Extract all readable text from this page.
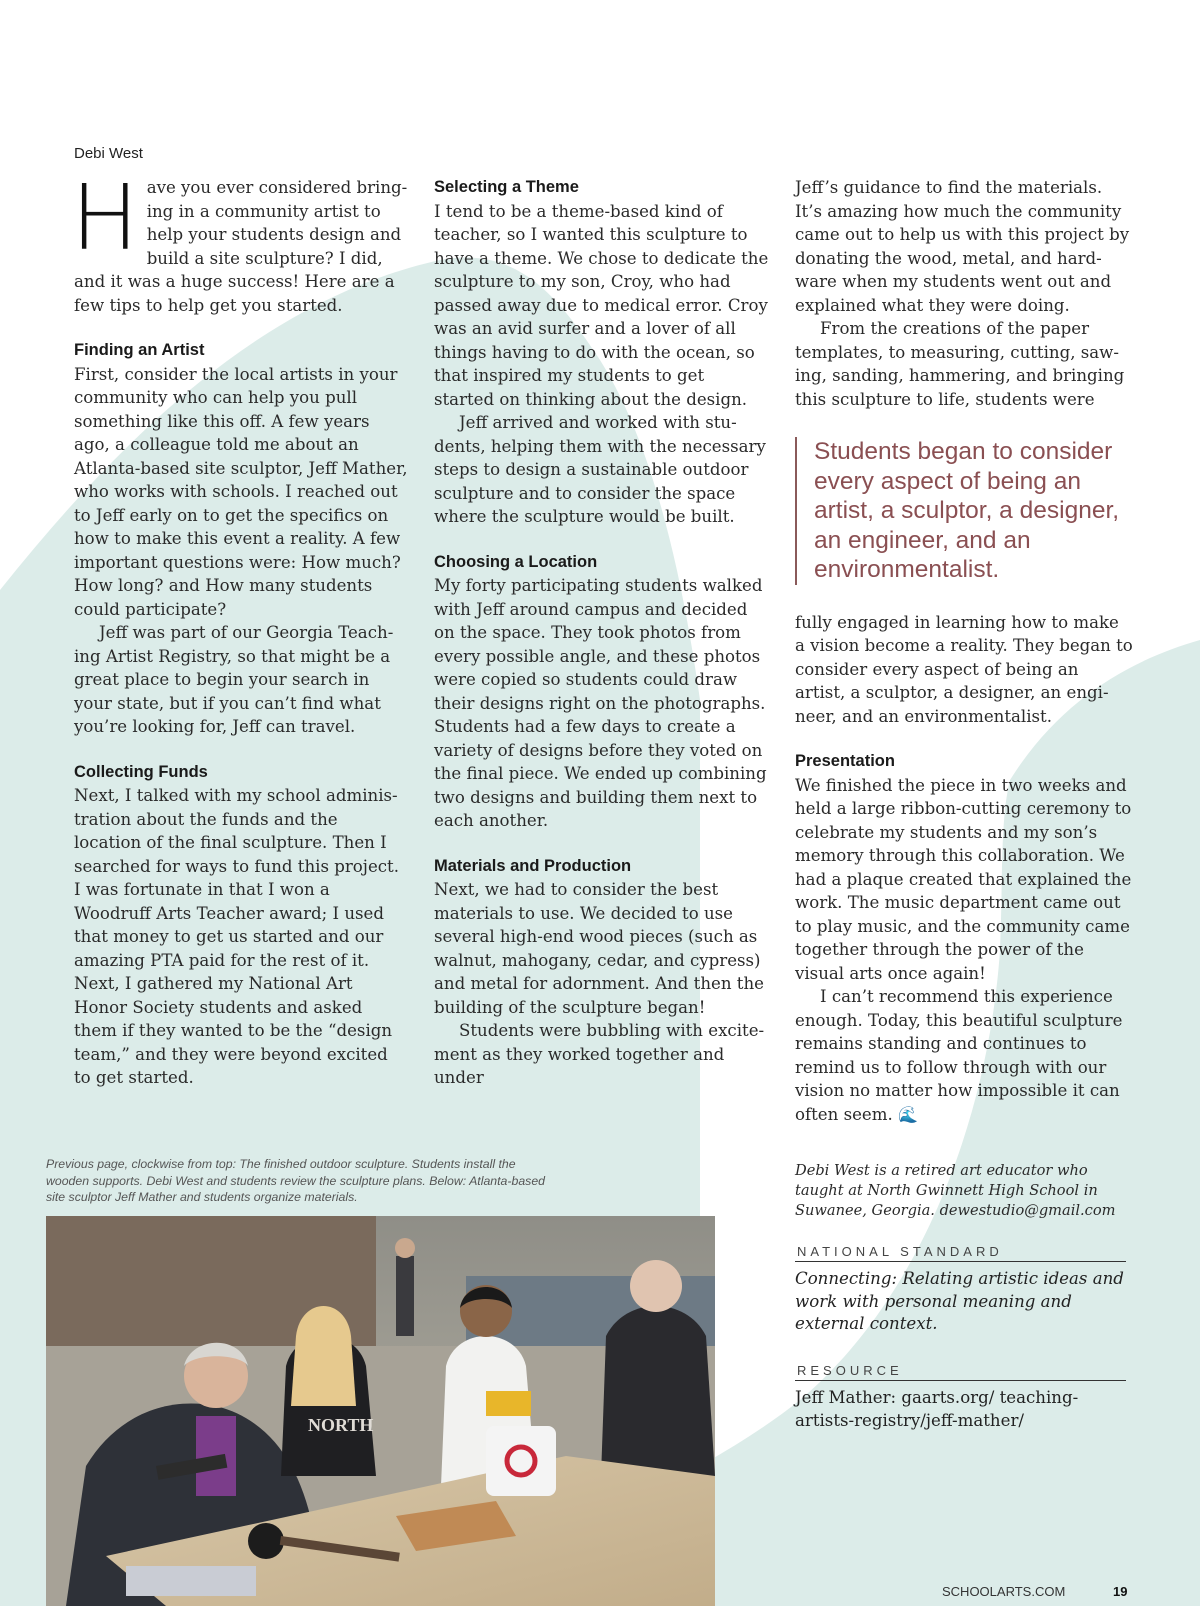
Debi West

Have you ever considered bringing in a community artist to help your students design and build a site sculpture? I did, and it was a huge success! Here are a few tips to help get you started.

Finding an Artist

First, consider the local artists in your community who can help you pull something like this off. A few years ago, a colleague told me about an Atlanta-based site sculptor, Jeff Mather, who works with schools. I reached out to Jeff early on to get the specifics on how to make this event a reality. A few important questions were: How much? How long? and How many students could participate?

Jeff was part of our Georgia Teaching Artist Registry, so that might be a great place to begin your search in your state, but if you can’t find what you’re looking for, Jeff can travel.

Collecting Funds

Next, I talked with my school administration about the funds and the location of the final sculpture. Then I searched for ways to fund this project. I was fortunate in that I won a Woodruff Arts Teacher award; I used that money to get us started and our amazing PTA paid for the rest of it. Next, I gathered my National Art Honor Society students and asked them if they wanted to be the “design team,” and they were beyond excited to get started.

Selecting a Theme

I tend to be a theme-based kind of teacher, so I wanted this sculpture to have a theme. We chose to dedicate the sculpture to my son, Croy, who had passed away due to medical error. Croy was an avid surfer and a lover of all things having to do with the ocean, so that inspired my students to get started on thinking about the design.

Jeff arrived and worked with students, helping them with the necessary steps to design a sustainable outdoor sculpture and to consider the space where the sculpture would be built.

Choosing a Location

My forty participating students walked with Jeff around campus and decided on the space. They took photos from every possible angle, and these photos were copied so students could draw their designs right on the photographs. Students had a few days to create a variety of designs before they voted on the final piece. We ended up combining two designs and building them next to each another.

Materials and Production

Next, we had to consider the best materials to use. We decided to use several high-end wood pieces (such as walnut, mahogany, cedar, and cypress) and metal for adornment. And then the building of the sculpture began!

Students were bubbling with excitement as they worked together and under

Jeff’s guidance to find the materials. It’s amazing how much the community came out to help us with this project by donating the wood, metal, and hardware when my students went out and explained what they were doing.

From the creations of the paper templates, to measuring, cutting, sawing, sanding, hammering, and bringing this sculpture to life, students were

Students began to consider every aspect of being an artist, a sculptor, a designer, an engineer, and an environmentalist.

fully engaged in learning how to make a vision become a reality. They began to consider every aspect of being an artist, a sculptor, a designer, an engineer, and an environmentalist.

Presentation

We finished the piece in two weeks and held a large ribbon-cutting ceremony to celebrate my students and my son’s memory through this collaboration. We had a plaque created that explained the work. The music department came out to play music, and the community came together through the power of the visual arts once again!

I can’t recommend this experience enough. Today, this beautiful sculpture remains standing and continues to remind us to follow through with our vision no matter how impossible it can often seem. 🌊

Previous page, clockwise from top: The finished outdoor sculpture. Students install the wooden supports. Debi West and students review the sculpture plans. Below: Atlanta-based site sculptor Jeff Mather and students organize materials.
NORTH
Debi West is a retired art educator who taught at North Gwinnett High School in Suwanee, Georgia. dewestudio@gmail.com
NATIONAL STANDARD
Connecting: Relating artistic ideas and work with personal meaning and external context.
RESOURCE
Jeff Mather: gaarts.org/ teaching-artists-registry/jeff-mather/
SCHOOLARTS.COM	19
